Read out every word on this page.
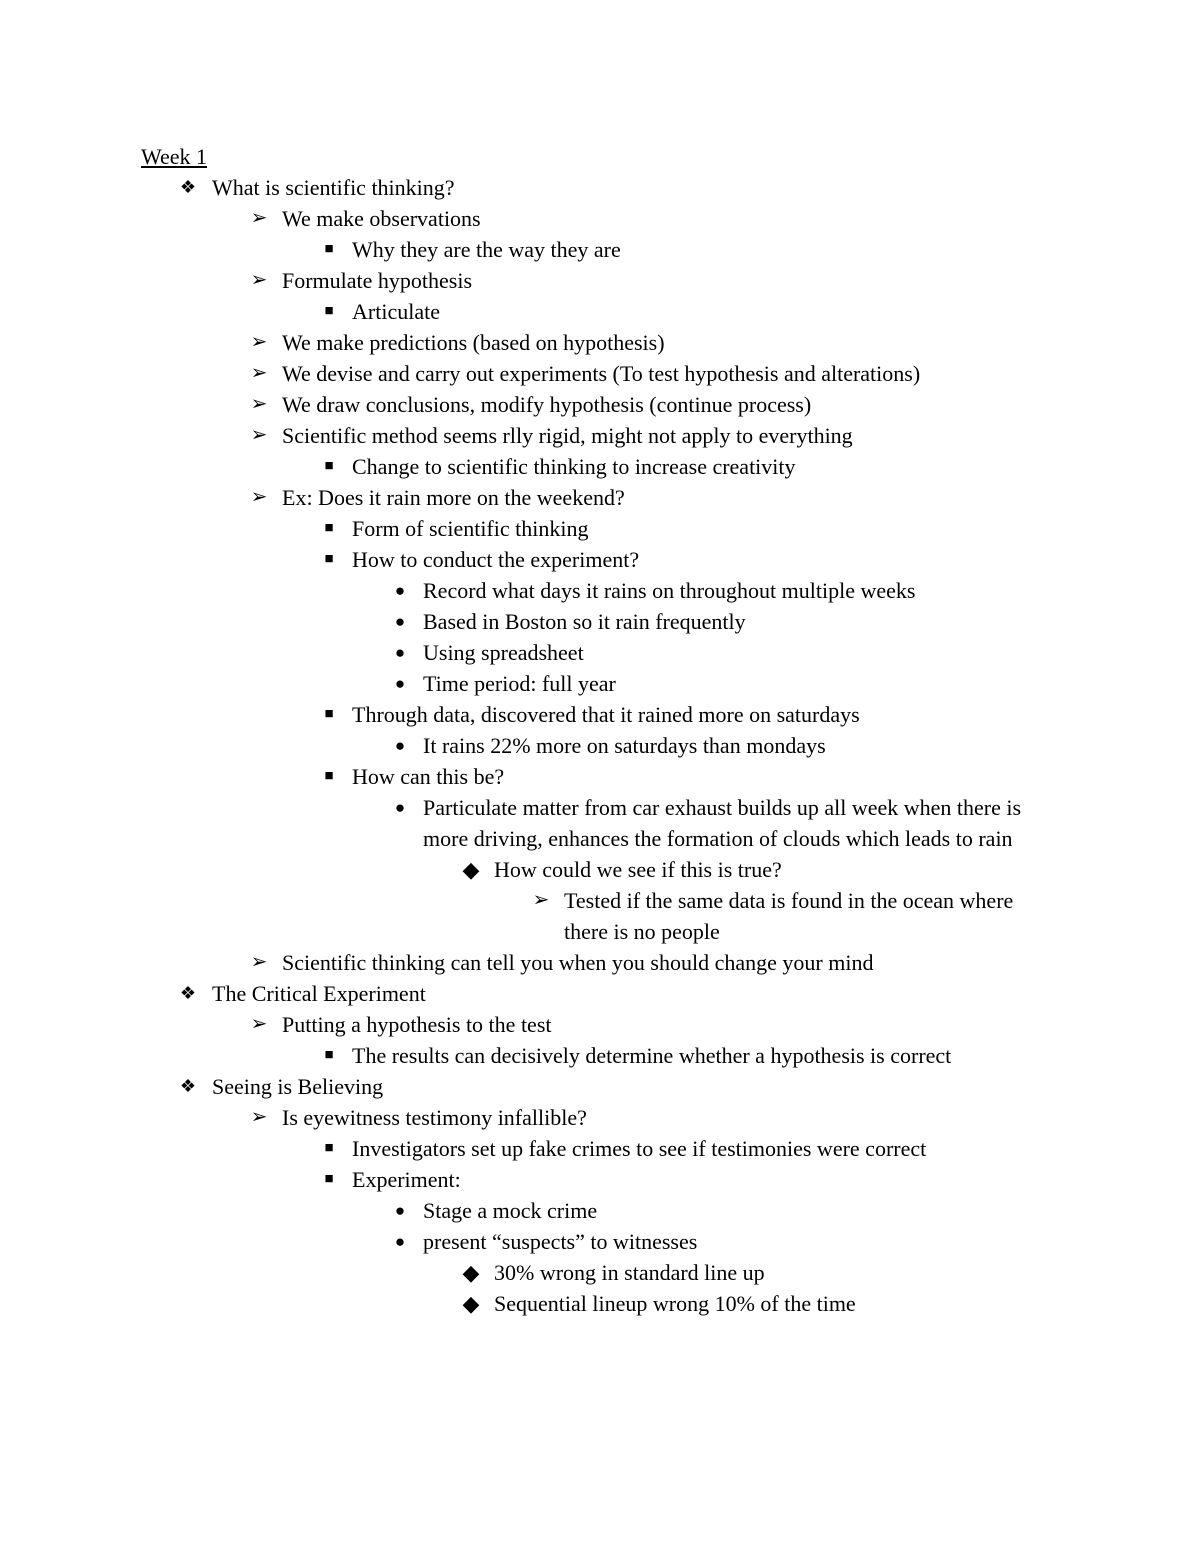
Week 1
❖ What is scientific thinking?
➢ We make observations
■ Why they are the way they are
➢ Formulate hypothesis
■ Articulate
➢ We make predictions (based on hypothesis)
➢ We devise and carry out experiments (To test hypothesis and alterations)
➢ We draw conclusions, modify hypothesis (continue process)
➢ Scientific method seems rlly rigid, might not apply to everything
■ Change to scientific thinking to increase creativity
➢ Ex: Does it rain more on the weekend?
■ Form of scientific thinking
■ How to conduct the experiment?
● Record what days it rains on throughout multiple weeks
● Based in Boston so it rain frequently
● Using spreadsheet
● Time period: full year
■ Through data, discovered that it rained more on saturdays
● It rains 22% more on saturdays than mondays
■ How can this be?
● Particulate matter from car exhaust builds up all week when there is more driving, enhances the formation of clouds which leads to rain
◆ How could we see if this is true?
➢ Tested if the same data is found in the ocean where there is no people
➢ Scientific thinking can tell you when you should change your mind
❖ The Critical Experiment
➢ Putting a hypothesis to the test
■ The results can decisively determine whether a hypothesis is correct
❖ Seeing is Believing
➢ Is eyewitness testimony infallible?
■ Investigators set up fake crimes to see if testimonies were correct
■ Experiment:
● Stage a mock crime
● present “suspects” to witnesses
◆ 30% wrong in standard line up
◆ Sequential lineup wrong 10% of the time
